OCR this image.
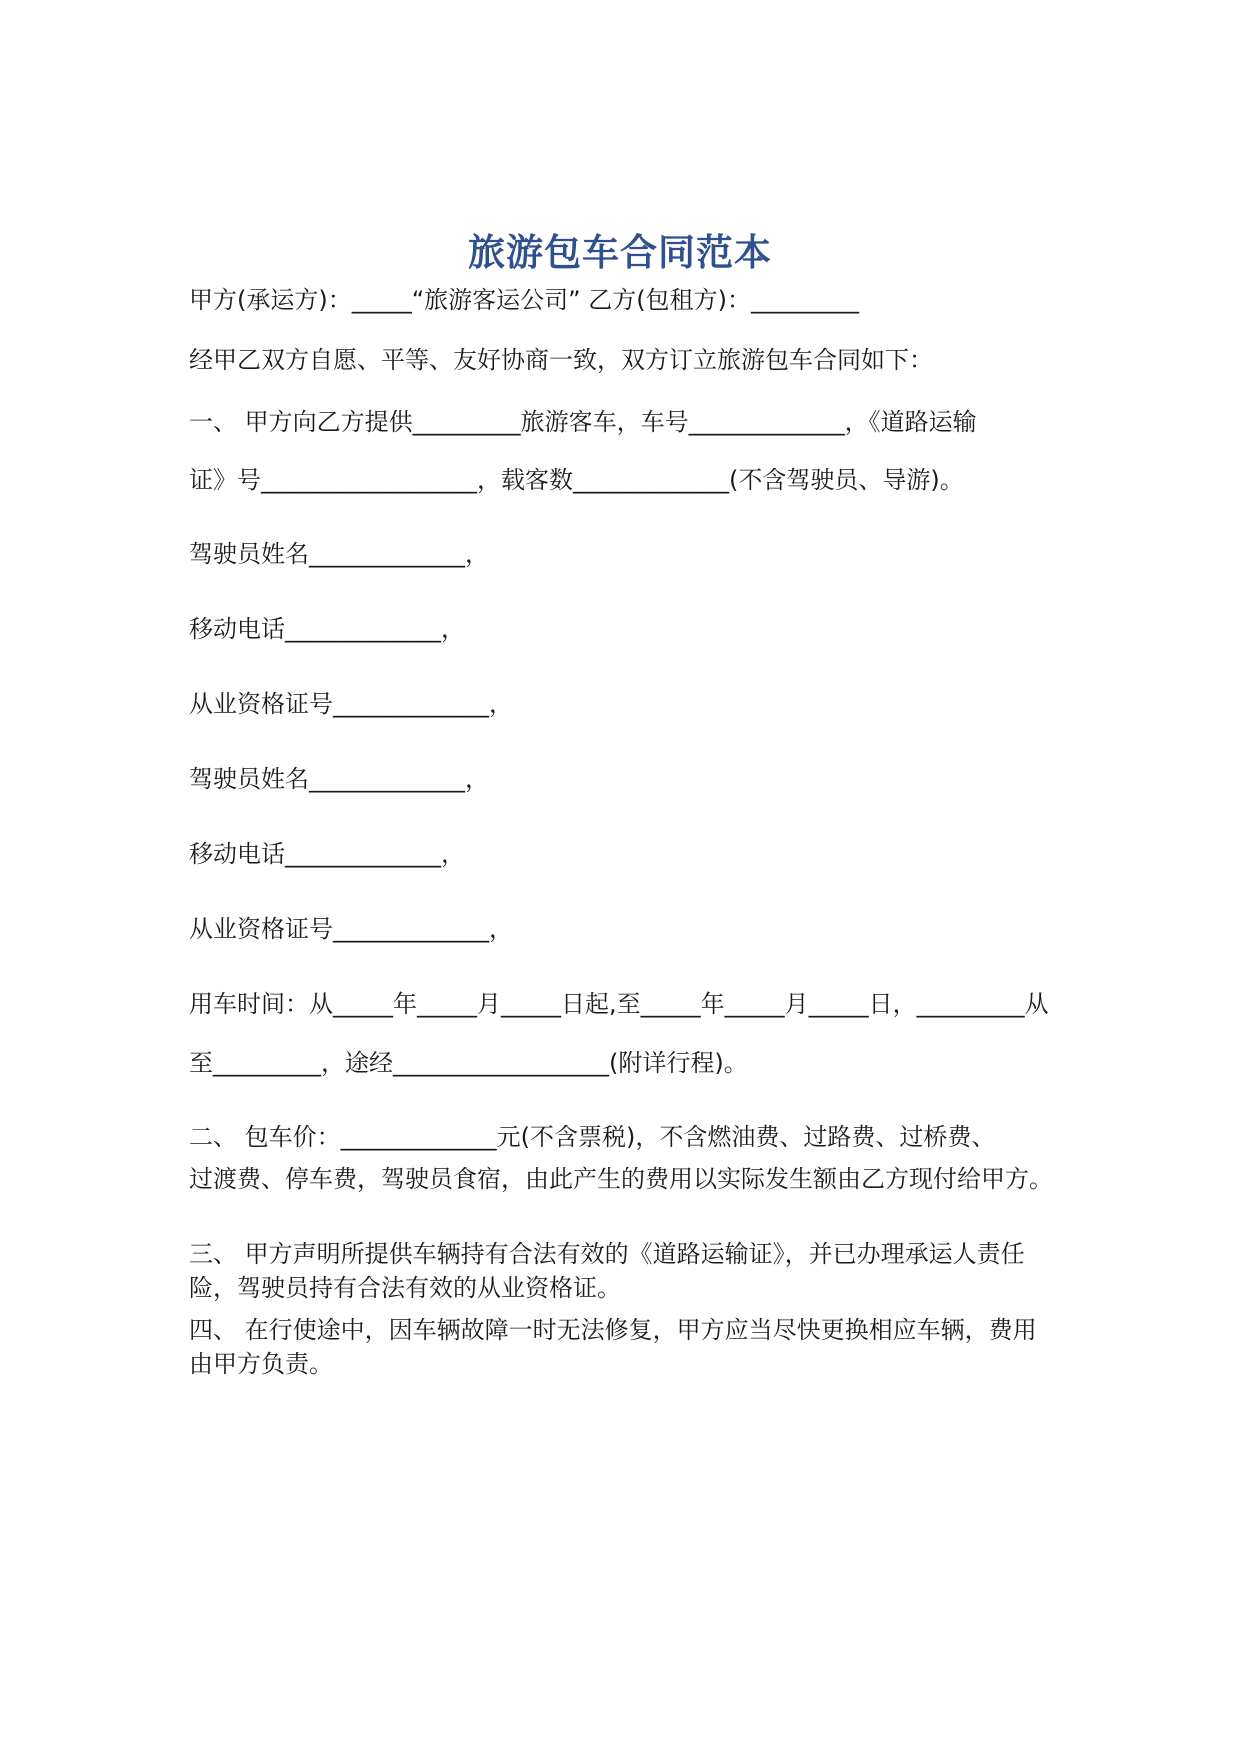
旅游包车合同范本

甲方(承运方)：_____“旅游客运公司” 乙方(包租方)：_________

经甲乙双方自愿、平等、友好协商一致，双方订立旅游包车合同如下：

一、 甲方向乙方提供_________旅游客车，车号_____________，《道路运输

证》号__________________，载客数_____________(不含驾驶员、导游)。

驾驶员姓名_____________，

移动电话_____________，

从业资格证号_____________，

驾驶员姓名_____________，

移动电话_____________，

从业资格证号_____________，

用车时间：从_____年_____月_____日起,至_____年_____月_____日，_________从

至_________，途经__________________(附详行程)。

二、 包车价：_____________元(不含票税)，不含燃油费、过路费、过桥费、

过渡费、停车费，驾驶员食宿，由此产生的费用以实际发生额由乙方现付给甲方。

三、 甲方声明所提供车辆持有合法有效的《道路运输证》，并已办理承运人责任险，驾驶员持有合法有效的从业资格证。

四、 在行使途中，因车辆故障一时无法修复，甲方应当尽快更换相应车辆，费用由甲方负责。
